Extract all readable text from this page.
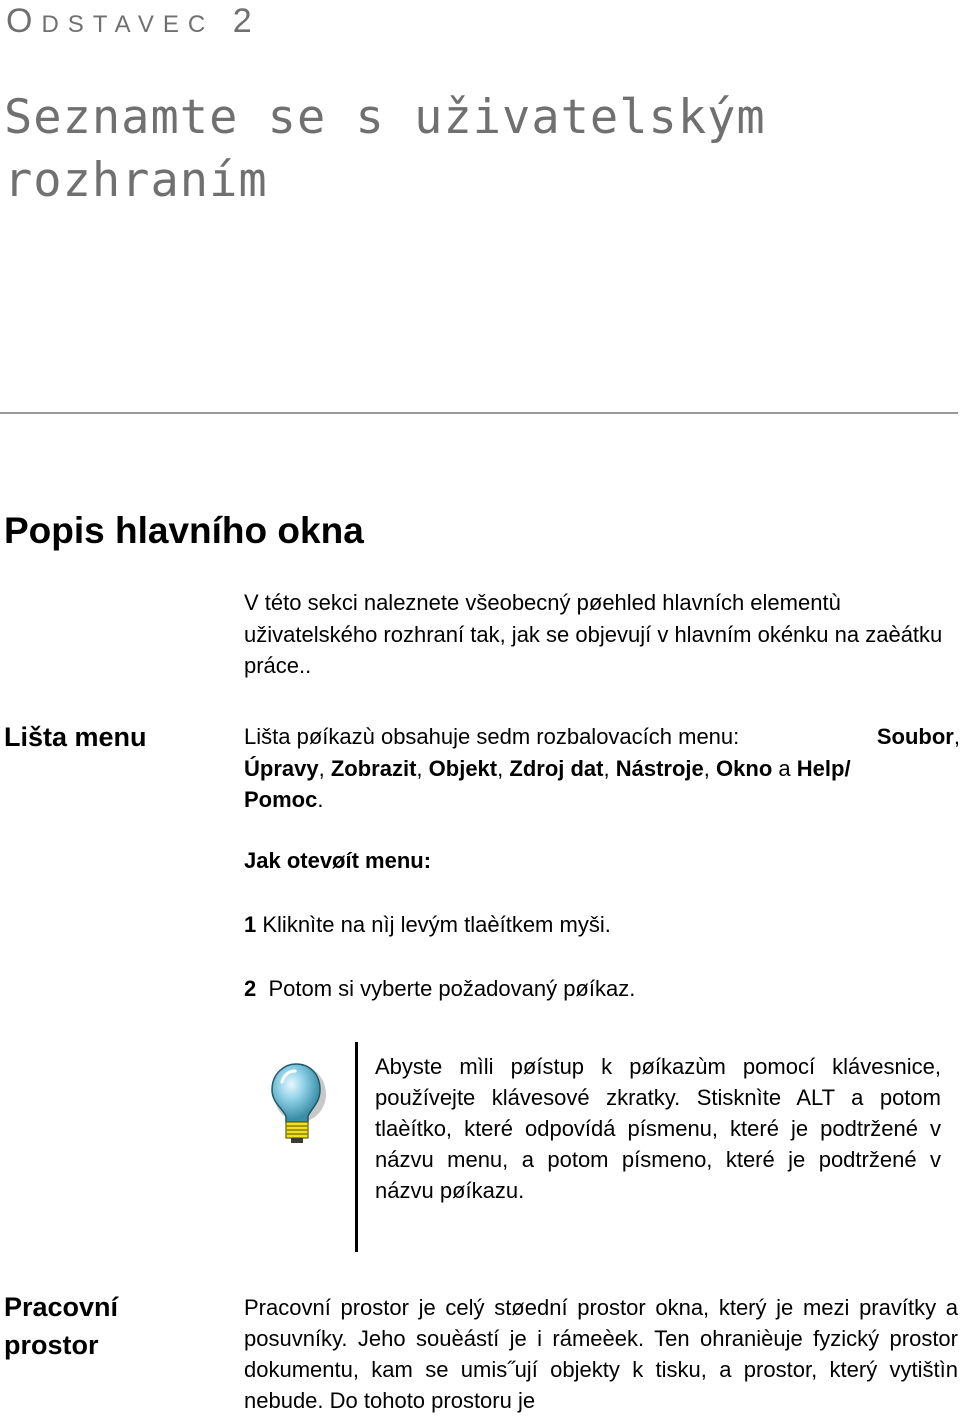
ODSTAVEC 2
Seznamte se s uživatelským
rozhraním
Popis hlavního okna
V této sekci naleznete všeobecný pøehled hlavních elementù uživatelského rozhraní tak, jak se objevují v hlavním okénku na zaèátku práce..
Lišta menu	Lišta pøíkazù obsahuje sedm rozbalovacích menu:	Soubor,
Úpravy, Zobrazit, Objekt, Zdroj dat, Nástroje, Okno a Help/
Pomoc.
Jak otevøít menu:
1 Kliknìte na nìj levým tlaèítkem myši.
2 Potom si vyberte požadovaný pøíkaz.
Abyste mìli pøístup k pøíkazùm pomocí klávesnice, používejte klávesové zkratky. Stisknìte ALT a potom tlaèítko, které odpovídá písmenu, které je podtržené v názvu menu, a potom písmeno, které je podtržené v názvu pøíkazu.
Pracovní prostor
Pracovní prostor je celý støední prostor okna, který je mezi pravítky a posuvníky. Jeho souèástí je i rámeèek. Ten ohranièuje fyzický prostor dokumentu, kam se umis˝ují objekty k tisku, a prostor, který vytištìn nebude. Do tohoto prostoru je
